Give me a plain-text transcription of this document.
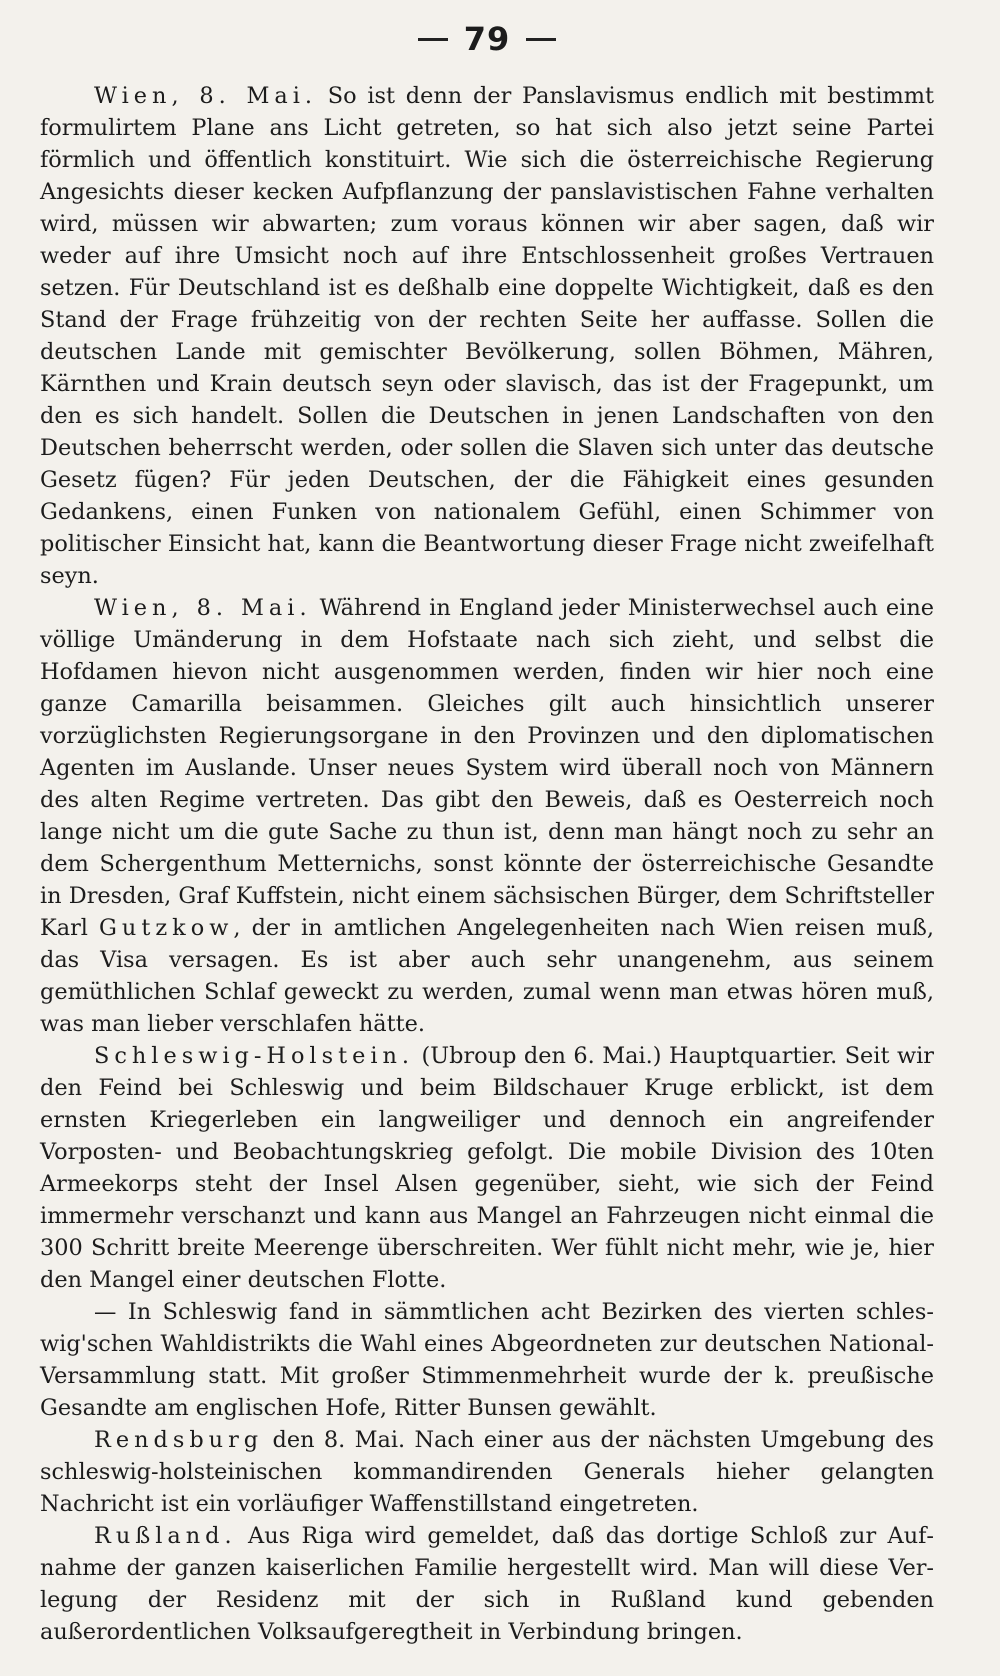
79

Wien, 8. Mai. So ist denn der Panslavismus endlich mit bestimmt formulirtem Plane ans Licht getreten, so hat sich also jetzt seine Partei förmlich und öffentlich konstituirt. Wie sich die österreichische Regierung Angesichts dieser kecken Aufpflanzung der panslavistischen Fahne verhalten wird, müssen wir abwarten; zum voraus können wir aber sagen, daß wir weder auf ihre Umsicht noch auf ihre Entschlossenheit großes Vertrauen setzen. Für Deutschland ist es deßhalb eine doppelte Wichtigkeit, daß es den Stand der Frage frühzeitig von der rechten Seite her auffasse. Sollen die deutschen Lande mit gemischter Bevölkerung, sollen Böhmen, Mähren, Kärnthen und Krain deutsch seyn oder slavisch, das ist der Fragepunkt, um den es sich handelt. Sollen die Deutschen in jenen Landschaften von den Deutschen beherrscht werden, oder sollen die Slaven sich unter das deutsche Gesetz fügen? Für jeden Deutschen, der die Fähigkeit eines gesunden Gedankens, einen Funken von nationalem Gefühl, einen Schimmer von politischer Einsicht hat, kann die Beantwortung dieser Frage nicht zweifelhaft seyn.

Wien, 8. Mai. Während in England jeder Ministerwechsel auch eine völlige Umänderung in dem Hofstaate nach sich zieht, und selbst die Hofdamen hievon nicht ausgenommen werden, finden wir hier noch eine ganze Camarilla beisammen. Gleiches gilt auch hinsichtlich unserer vorzüglichsten Regierungsorgane in den Provinzen und den diplomatischen Agenten im Auslande. Unser neues System wird überall noch von Männern des alten Regime vertreten. Das gibt den Beweis, daß es Oesterreich noch lange nicht um die gute Sache zu thun ist, denn man hängt noch zu sehr an dem Schergenthum Metternichs, sonst könnte der österreichische Gesandte in Dresden, Graf Kuffstein, nicht einem sächsischen Bürger, dem Schriftsteller Karl Gutzkow, der in amtlichen Angelegenheiten nach Wien reisen muß, das Visa versagen. Es ist aber auch sehr unangenehm, aus seinem gemüthlichen Schlaf geweckt zu werden, zumal wenn man etwas hören muß, was man lieber verschlafen hätte.

Schleswig-Holstein. (Ubroup den 6. Mai.) Hauptquartier. Seit wir den Feind bei Schleswig und beim Bildschauer Kruge erblickt, ist dem ernsten Kriegerleben ein langweiliger und dennoch ein angreifender Vorposten- und Beobachtungskrieg gefolgt. Die mobile Division des 10ten Armeekorps steht der Insel Alsen gegenüber, sieht, wie sich der Feind immermehr verschanzt und kann aus Mangel an Fahrzeugen nicht einmal die 300 Schritt breite Meerenge überschreiten. Wer fühlt nicht mehr, wie je, hier den Mangel einer deutschen Flotte.

— In Schleswig fand in sämmtlichen acht Bezirken des vierten schleswig'schen Wahldistrikts die Wahl eines Abgeordneten zur deutschen National-Versammlung statt. Mit großer Stimmenmehrheit wurde der k. preußische Gesandte am englischen Hofe, Ritter Bunsen gewählt.

Rendsburg den 8. Mai. Nach einer aus der nächsten Umgebung des schleswig-holsteinischen kommandirenden Generals hieher gelangten Nachricht ist ein vorläufiger Waffenstillstand eingetreten.

Rußland. Aus Riga wird gemeldet, daß das dortige Schloß zur Aufnahme der ganzen kaiserlichen Familie hergestellt wird. Man will diese Verlegung der Residenz mit der sich in Rußland kund gebenden außerordentlichen Volksaufgeregtheit in Verbindung bringen.
